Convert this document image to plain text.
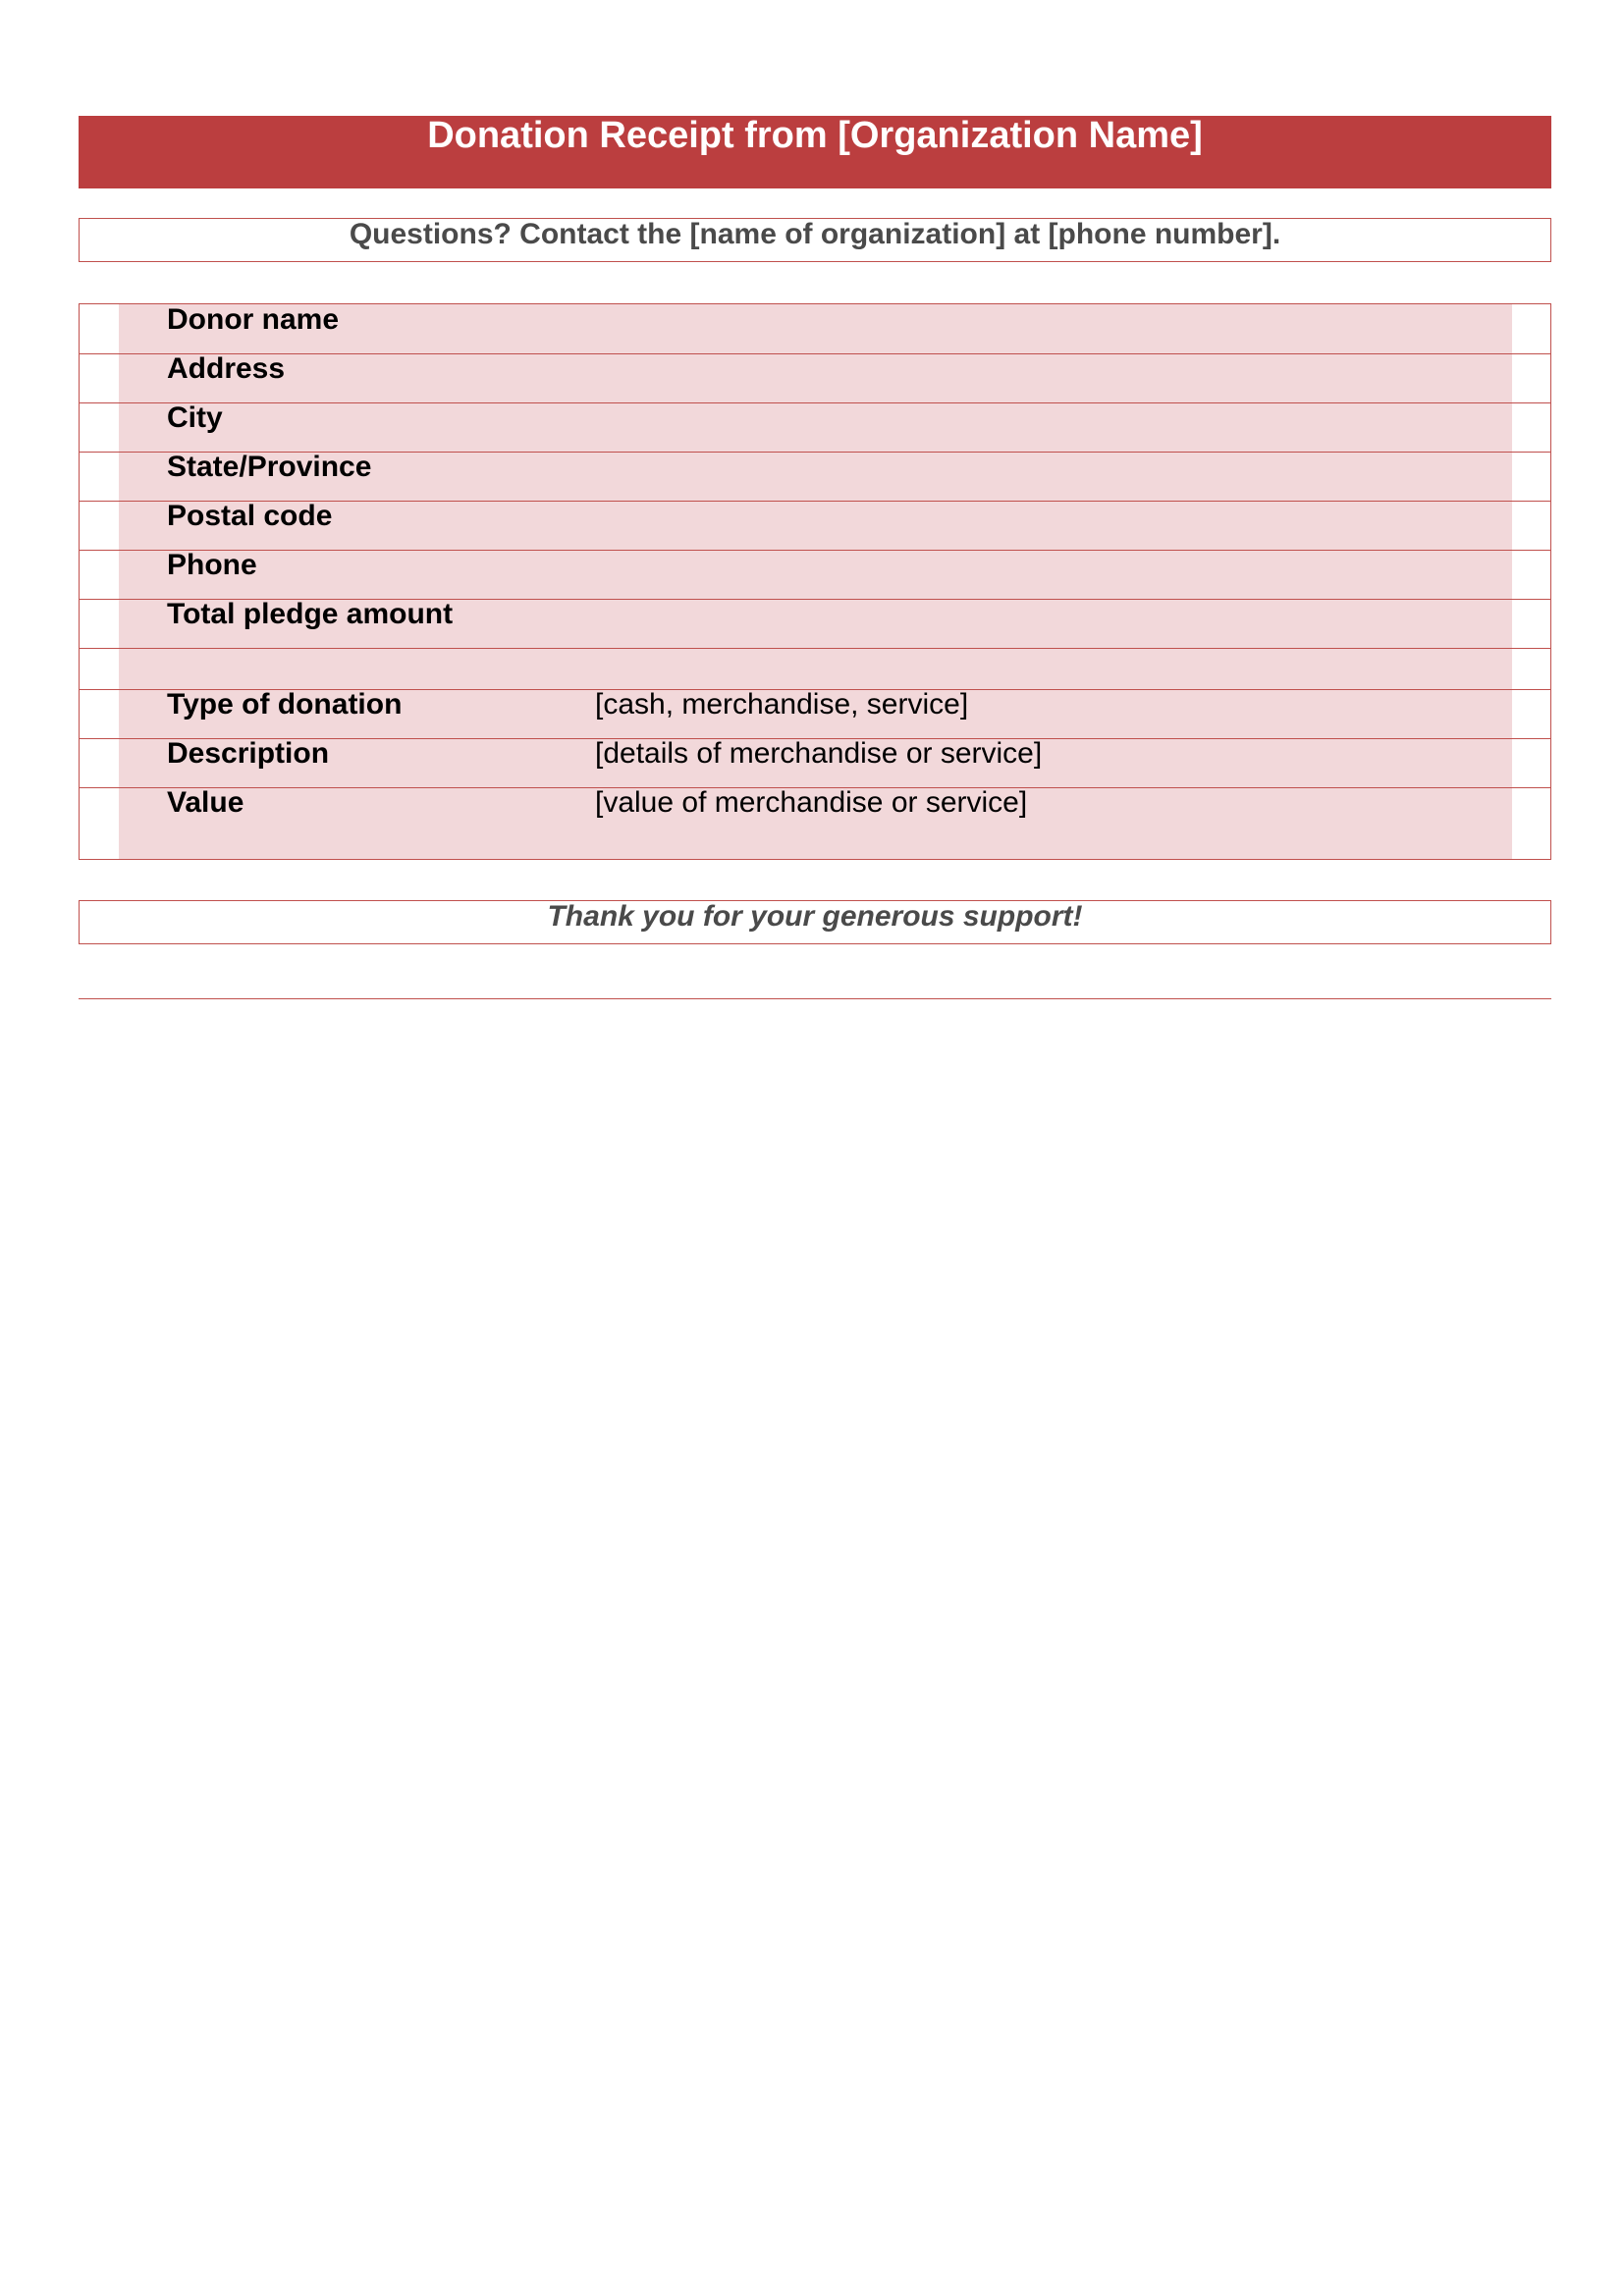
Donation Receipt from [Organization Name]
Questions? Contact the [name of organization] at [phone number].
Donor name
Address
City
State/Province
Postal code
Phone
Total pledge amount
Type of donation	[cash, merchandise, service]
Description	[details of merchandise or service]
Value	[value of merchandise or service]
Thank you for your generous support!
